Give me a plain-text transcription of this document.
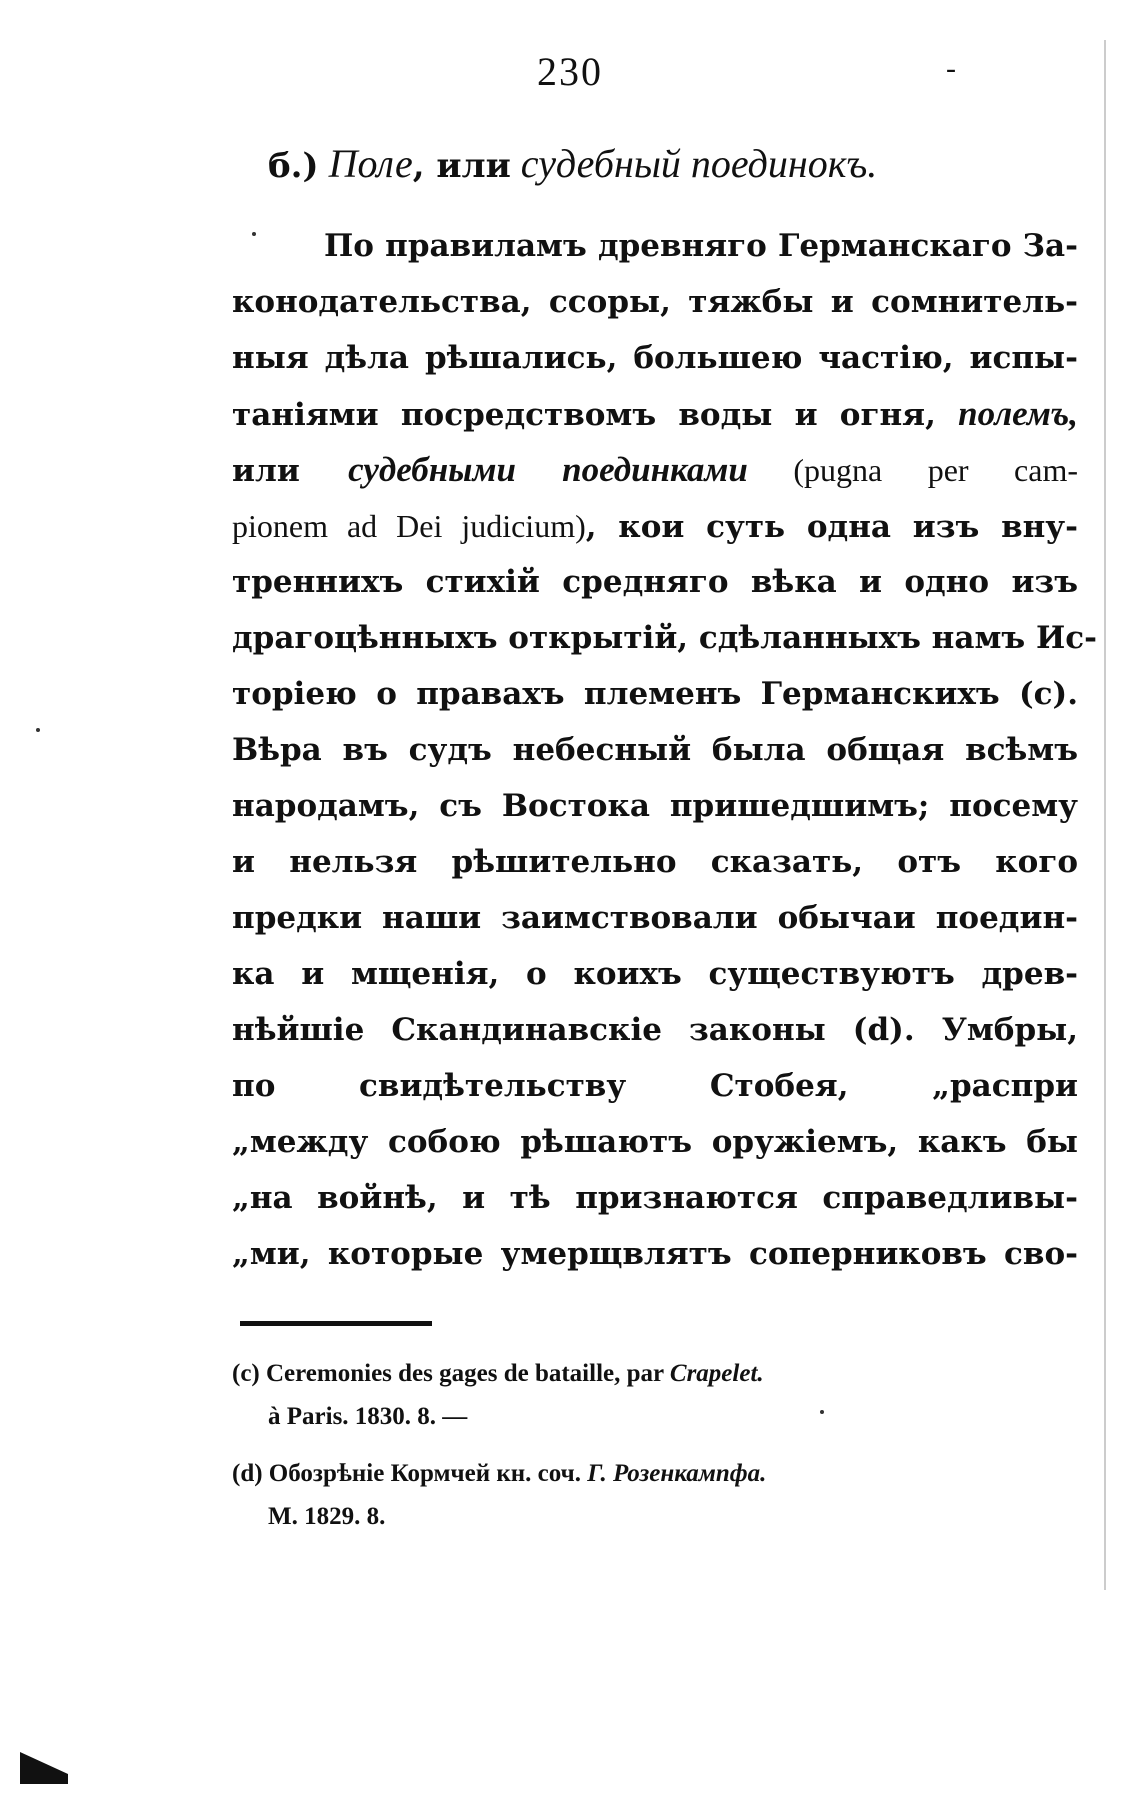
230	-
б.) Поле, или судебный поединокъ.
По правиламъ древняго Германскаго За-
конодательства, ссоры, тяжбы и сомнитель-
ныя дѣла рѣшались, большею частію, испы-
таніями посредствомъ воды и огня, полемъ,
или судебными поединками (pugna per cam-
pionem ad Dei judicium), кои суть одна изъ вну-
треннихъ стихій средняго вѣка и одно изъ
драгоцѣнныхъ открытій, сдѣланныхъ намъ Ис-
торіею о правахъ племенъ Германскихъ (c).
Вѣра въ судъ небесный была общая всѣмъ
народамъ, съ Востока пришедшимъ; посему
и нельзя рѣшительно сказать, отъ кого
предки наши заимствовали обычаи поедин-
ка и мщенія, о коихъ существуютъ древ-
нѣйшіе Скандинавскіе законы (d). Умбры,
по свидѣтельству Стобея, „распри
„между собою рѣшаютъ оружіемъ, какъ бы
„на войнѣ, и тѣ признаются справедливы-
„ми, которые умерщвлятъ соперниковъ сво-
(c) Ceremonies des gages de bataille, par Crapelet.
à Paris. 1830. 8. —
(d) Обозрѣніе Кормчей кн. соч. Г. Розенкампфа.
М. 1829. 8.
